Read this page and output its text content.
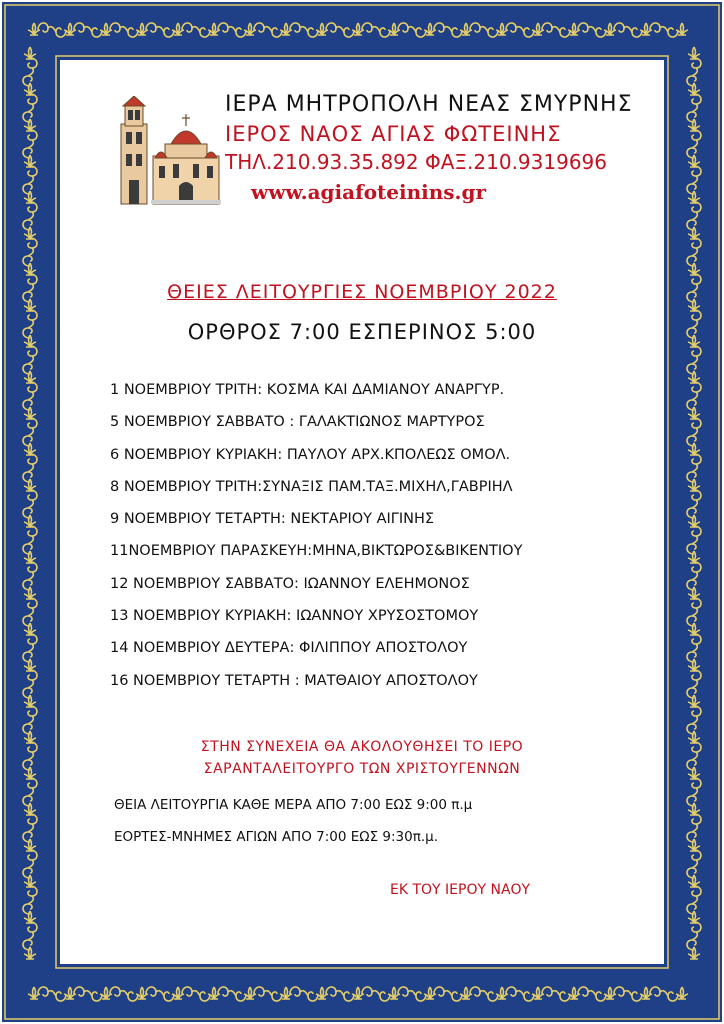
ΙΕΡΑ ΜΗΤΡΟΠΟΛΗ ΝΕΑΣ ΣΜΥΡΝΗΣ
ΙΕΡΟΣ ΝΑΟΣ ΑΓΙΑΣ ΦΩΤΕΙΝΗΣ
ΤΗΛ.210.93.35.892 ΦΑΞ.210.9319696
www.agiafoteinins.gr
ΘΕΙΕΣ ΛΕΙΤΟΥΡΓΙΕΣ ΝΟΕΜΒΡΙΟΥ 2022
ΟΡΘΡΟΣ 7:00 ΕΣΠΕΡΙΝΟΣ 5:00
1 ΝΟΕΜΒΡΙΟΥ ΤΡΙΤΗ: ΚΟΣΜΑ ΚΑΙ ΔΑΜΙΑΝΟΥ ΑΝΑΡΓΥΡ.
5 ΝΟΕΜΒΡΙΟΥ ΣΑΒΒΑΤΟ : ΓΑΛΑΚΤΙΩΝΟΣ ΜΑΡΤΥΡΟΣ
6 ΝΟΕΜΒΡΙΟΥ ΚΥΡΙΑΚΗ: ΠΑΥΛΟΥ ΑΡΧ.ΚΠΟΛΕΩΣ ΟΜΟΛ.
8 ΝΟΕΜΒΡΙΟΥ ΤΡΙΤΗ:ΣΥΝΑΞΙΣ ΠΑΜ.ΤΑΞ.ΜΙΧΗΛ,ΓΑΒΡΙΗΛ
9 ΝΟΕΜΒΡΙΟΥ ΤΕΤΑΡΤΗ: ΝΕΚΤΑΡΙΟΥ ΑΙΓΙΝΗΣ
11ΝΟΕΜΒΡΙΟΥ ΠΑΡΑΣΚΕΥΗ:ΜΗΝΑ,ΒΙΚΤΩΡΟΣ&ΒΙΚΕΝΤΙΟΥ
12 ΝΟΕΜΒΡΙΟΥ ΣΑΒΒΑΤΟ: ΙΩΑΝΝΟΥ ΕΛΕΗΜΟΝΟΣ
13 ΝΟΕΜΒΡΙΟΥ ΚΥΡΙΑΚΗ: ΙΩΑΝΝΟΥ ΧΡΥΣΟΣΤΟΜΟΥ
14 ΝΟΕΜΒΡΙΟΥ ΔΕΥΤΕΡΑ: ΦΙΛΙΠΠΟΥ ΑΠΟΣΤΟΛΟΥ
16 ΝΟΕΜΒΡΙΟΥ ΤΕΤΑΡΤΗ : ΜΑΤΘΑΙΟΥ ΑΠΟΣΤΟΛΟΥ
ΣΤΗΝ ΣΥΝΕΧΕΙΑ ΘΑ ΑΚΟΛΟΥΘΗΣΕΙ ΤΟ ΙΕΡΟ
ΣΑΡΑΝΤΑΛΕΙΤΟΥΡΓΟ ΤΩΝ ΧΡΙΣΤΟΥΓΕΝΝΩΝ
ΘΕΙΑ ΛΕΙΤΟΥΡΓΙΑ ΚΑΘΕ ΜΕΡΑ ΑΠΟ 7:00 ΕΩΣ 9:00 π.μ
ΕΟΡΤΕΣ-ΜΝΗΜΕΣ ΑΓΙΩΝ ΑΠΟ 7:00 ΕΩΣ 9:30π.μ.
ΕΚ ΤΟΥ ΙΕΡΟΥ ΝΑΟΥ
